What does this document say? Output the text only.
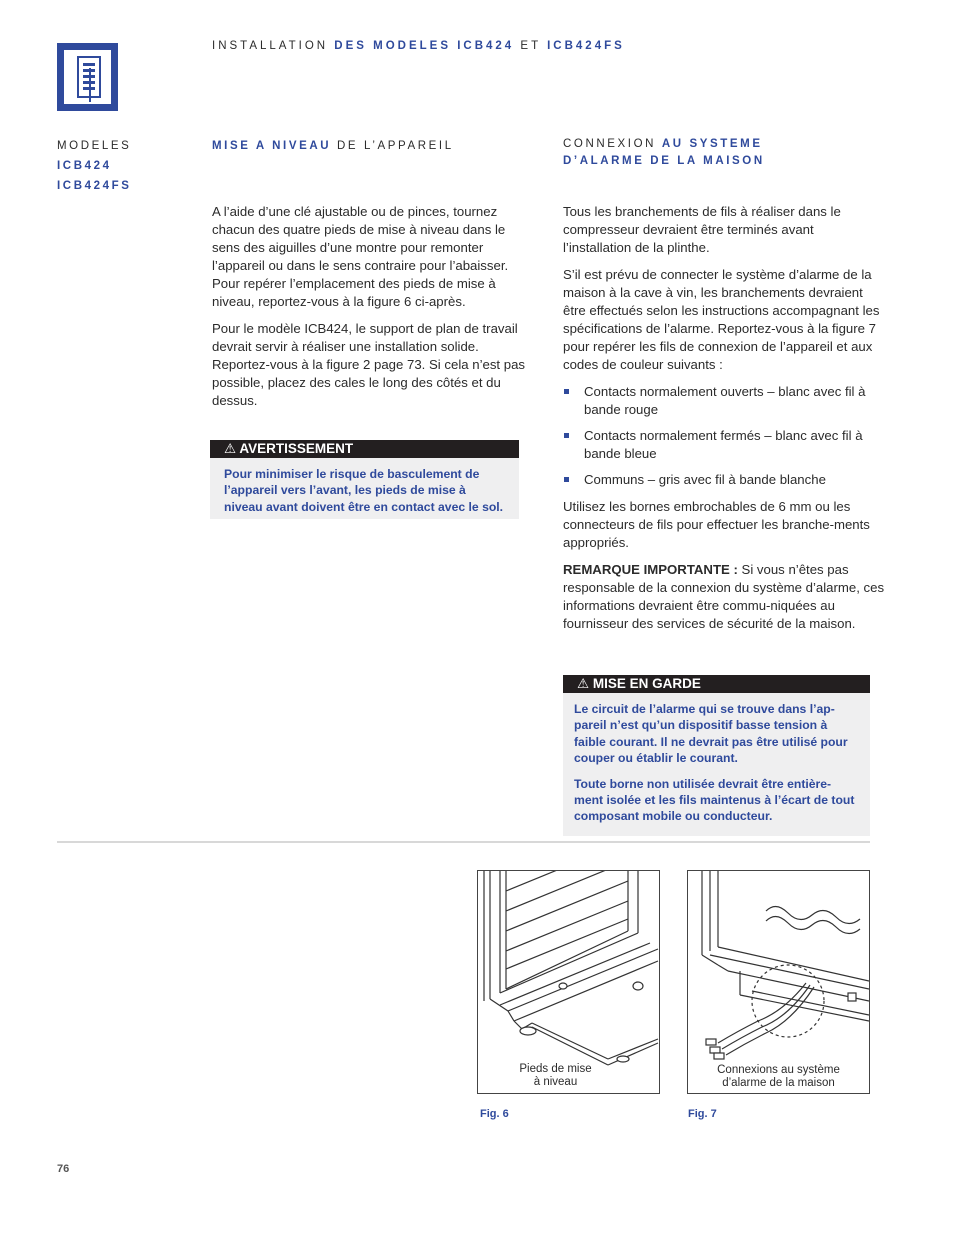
INSTALLATION DES MODELES ICB424 ET ICB424FS
MODELES
ICB424
ICB424FS
MISE A NIVEAU DE L’APPAREIL

A l’aide d’une clé ajustable ou de pinces, tournez chacun des quatre pieds de mise à niveau dans le sens des aiguilles d’une montre pour remonter l’appareil ou dans le sens contraire pour l’abaisser. Pour repérer l’emplacement des pieds de mise à niveau, reportez-vous à la figure 6 ci-après.

Pour le modèle ICB424, le support de plan de travail devrait servir à réaliser une installation solide. Reportez-vous à la figure 2 page 73. Si cela n’est pas possible, placez des cales le long des côtés et du dessus.

⚠ AVERTISSEMENT

Pour minimiser le risque de basculement de l’appareil vers l’avant, les pieds de mise à niveau avant doivent être en contact avec le sol.

CONNEXION AU SYSTEME
D’ALARME DE LA MAISON

Tous les branchements de fils à réaliser dans le compresseur devraient être terminés avant l’installation de la plinthe.

S’il est prévu de connecter le système d’alarme de la maison à la cave à vin, les branchements devraient être effectués selon les instructions accompagnant les spécifications de l’alarme. Reportez-vous à la figure 7 pour repérer les fils de connexion de l’appareil et aux codes de couleur suivants :

Contacts normalement ouverts – blanc avec fil à bande rouge
Contacts normalement fermés – blanc avec fil à bande bleue
Communs – gris avec fil à bande blanche

Utilisez les bornes embrochables de 6 mm ou les connecteurs de fils pour effectuer les branche-ments appropriés.

REMARQUE IMPORTANTE : Si vous n’êtes pas responsable de la connexion du système d’alarme, ces informations devraient être commu-niquées au fournisseur des services de sécurité de la maison.

⚠ MISE EN GARDE

Le circuit de l’alarme qui se trouve dans l’ap-pareil n’est qu’un dispositif basse tension à faible courant. Il ne devrait pas être utilisé pour couper ou établir le courant.

Toute borne non utilisée devrait être entière-ment isolée et les fils maintenus à l’écart de tout composant mobile ou conducteur.

Pieds de mise
à niveau
Fig. 6
Connexions au système
d’alarme de la maison
Fig. 7
76
